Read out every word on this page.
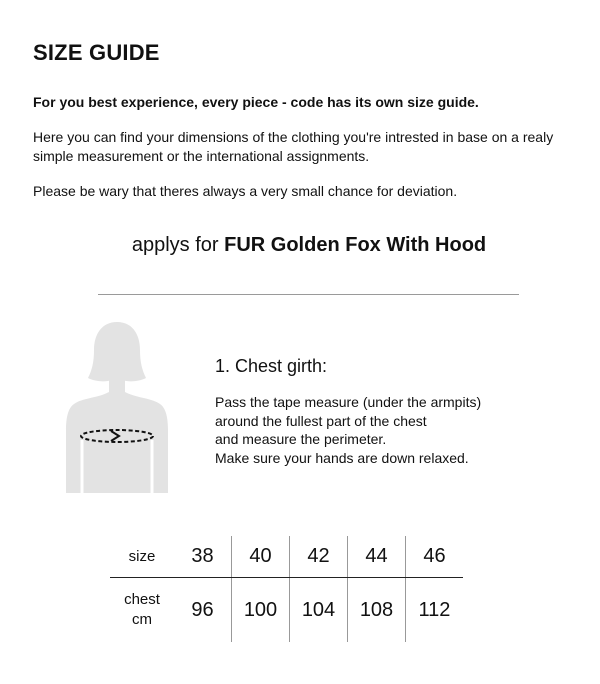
SIZE GUIDE

For you best experience, every piece - code has its own size guide.

Here you can find your dimensions of the clothing you're intrested in base on a realy simple measurement or the international assignments.

Please be wary that theres always a very small chance for deviation.

applys for FUR Golden Fox With Hood
1. Chest girth:

Pass the tape measure (under the armpits)
around the fullest part of the chest
and measure the perimeter.
Make sure your hands are down relaxed.

size	38	40	42	44	46
chest
cm	96	100	104	108	112
